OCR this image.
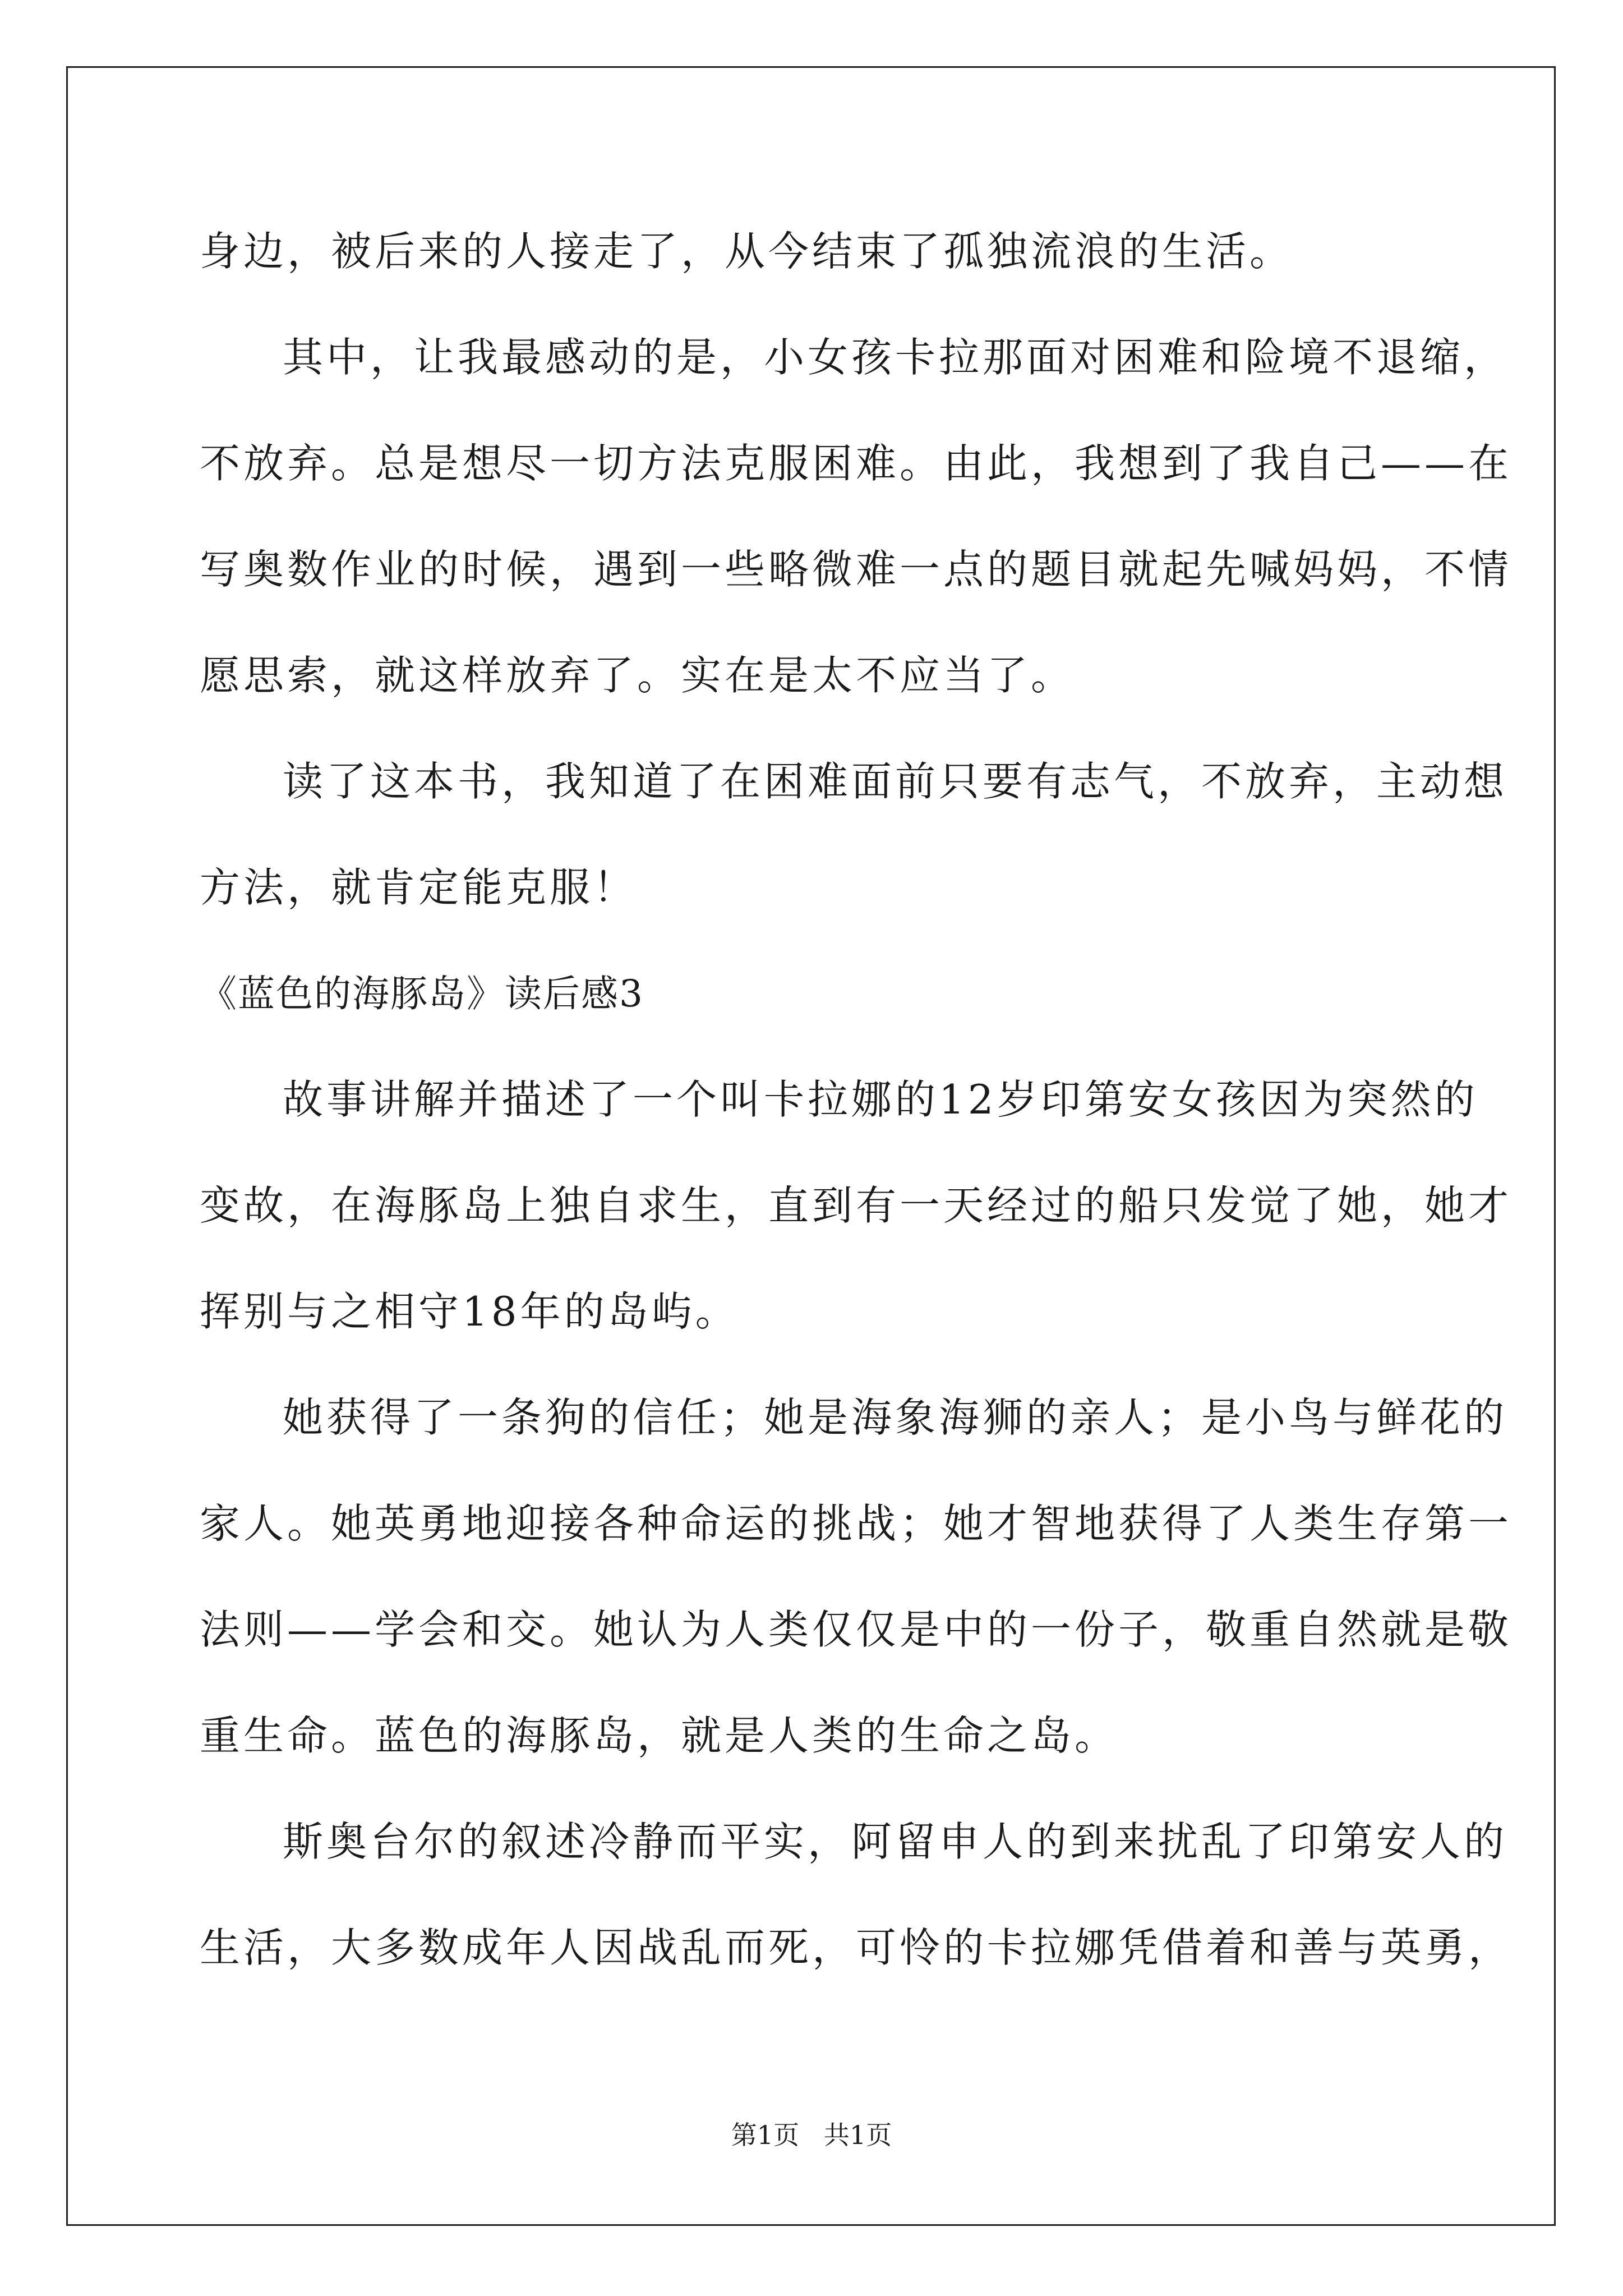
身边，被后来的人接走了，从今结束了孤独流浪的生活。

其中，让我最感动的是，小女孩卡拉那面对困难和险境不退缩，

不放弃。总是想尽一切方法克服困难。由此，我想到了我自己——在

写奥数作业的时候，遇到一些略微难一点的题目就起先喊妈妈，不情

愿思索，就这样放弃了。实在是太不应当了。

读了这本书，我知道了在困难面前只要有志气，不放弃，主动想

方法，就肯定能克服！

《蓝色的海豚岛》读后感3

故事讲解并描述了一个叫卡拉娜的12岁印第安女孩因为突然的

变故，在海豚岛上独自求生，直到有一天经过的船只发觉了她，她才

挥别与之相守18年的岛屿。

她获得了一条狗的信任；她是海象海狮的亲人；是小鸟与鲜花的

家人。她英勇地迎接各种命运的挑战；她才智地获得了人类生存第一

法则——学会和交。她认为人类仅仅是中的一份子，敬重自然就是敬

重生命。蓝色的海豚岛，就是人类的生命之岛。

斯奥台尔的叙述冷静而平实，阿留申人的到来扰乱了印第安人的

生活，大多数成年人因战乱而死，可怜的卡拉娜凭借着和善与英勇，

第1页   共1页
